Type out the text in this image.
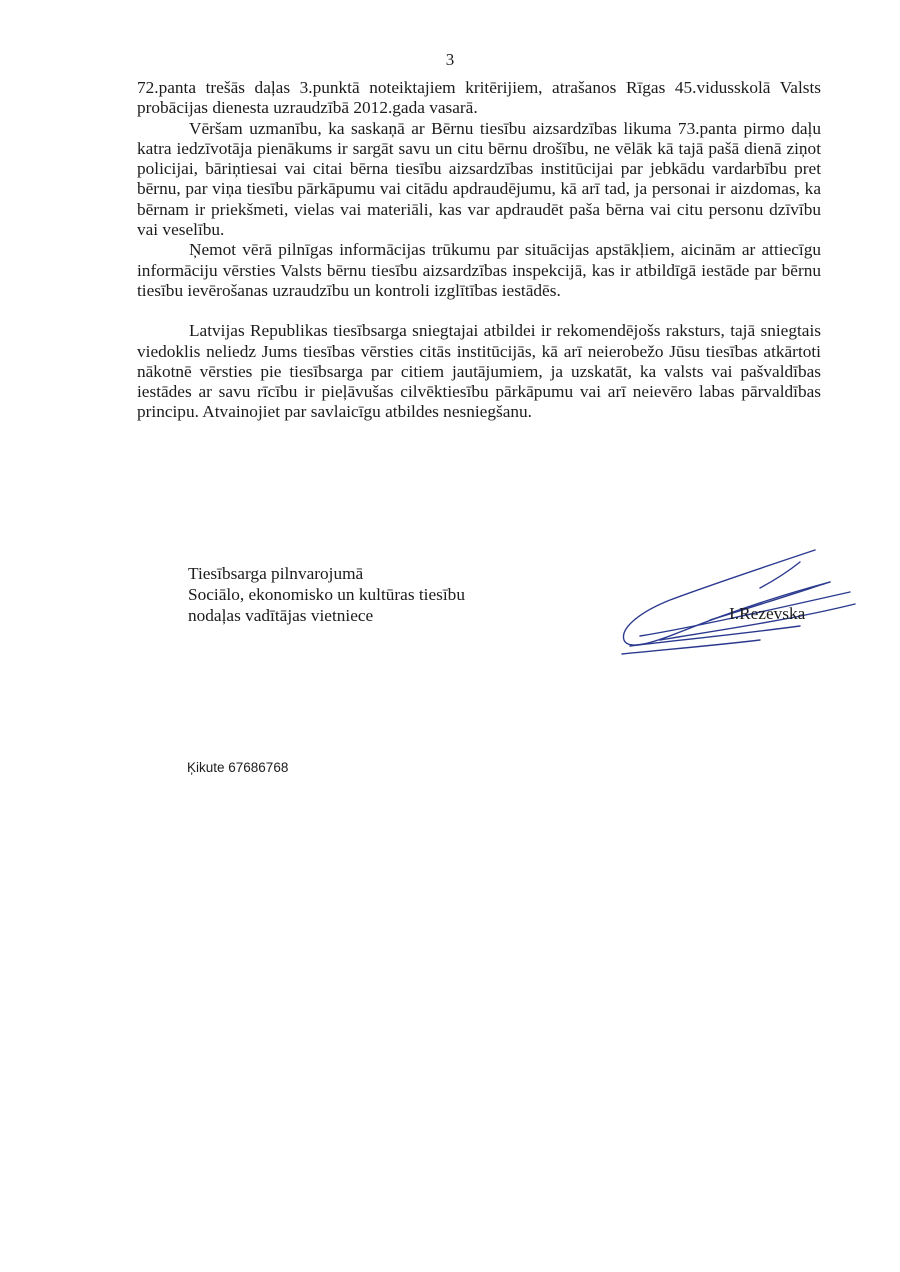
3

72.panta trešās daļas 3.punktā noteiktajiem kritērijiem, atrašanos Rīgas 45.vidusskolā Valsts probācijas dienesta uzraudzībā 2012.gada vasarā.

Vēršam uzmanību, ka saskaņā ar Bērnu tiesību aizsardzības likuma 73.panta pirmo daļu katra iedzīvotāja pienākums ir sargāt savu un citu bērnu drošību, ne vēlāk kā tajā pašā dienā ziņot policijai, bāriņtiesai vai citai bērna tiesību aizsardzības institūcijai par jebkādu vardarbību pret bērnu, par viņa tiesību pārkāpumu vai citādu apdraudējumu, kā arī tad, ja personai ir aizdomas, ka bērnam ir priekšmeti, vielas vai materiāli, kas var apdraudēt paša bērna vai citu personu dzīvību vai veselību.

Ņemot vērā pilnīgas informācijas trūkumu par situācijas apstākļiem, aicinām ar attiecīgu informāciju vērsties Valsts bērnu tiesību aizsardzības inspekcijā, kas ir atbildīgā iestāde par bērnu tiesību ievērošanas uzraudzību un kontroli izglītības iestādēs.

Latvijas Republikas tiesībsarga sniegtajai atbildei ir rekomendējošs raksturs, tajā sniegtais viedoklis neliedz Jums tiesības vērsties citās institūcijās, kā arī neierobežo Jūsu tiesības atkārtoti nākotnē vērsties pie tiesībsarga par citiem jautājumiem, ja uzskatāt, ka valsts vai pašvaldības iestādes ar savu rīcību ir pieļāvušas cilvēktiesību pārkāpumu vai arī neievēro labas pārvaldības principu. Atvainojiet par savlaicīgu atbildes nesniegšanu.

Tiesībsarga pilnvarojumā
Sociālo, ekonomisko un kultūras tiesību
nodaļas vadītājas vietniece	I.Rezevska
Ķikute 67686768
